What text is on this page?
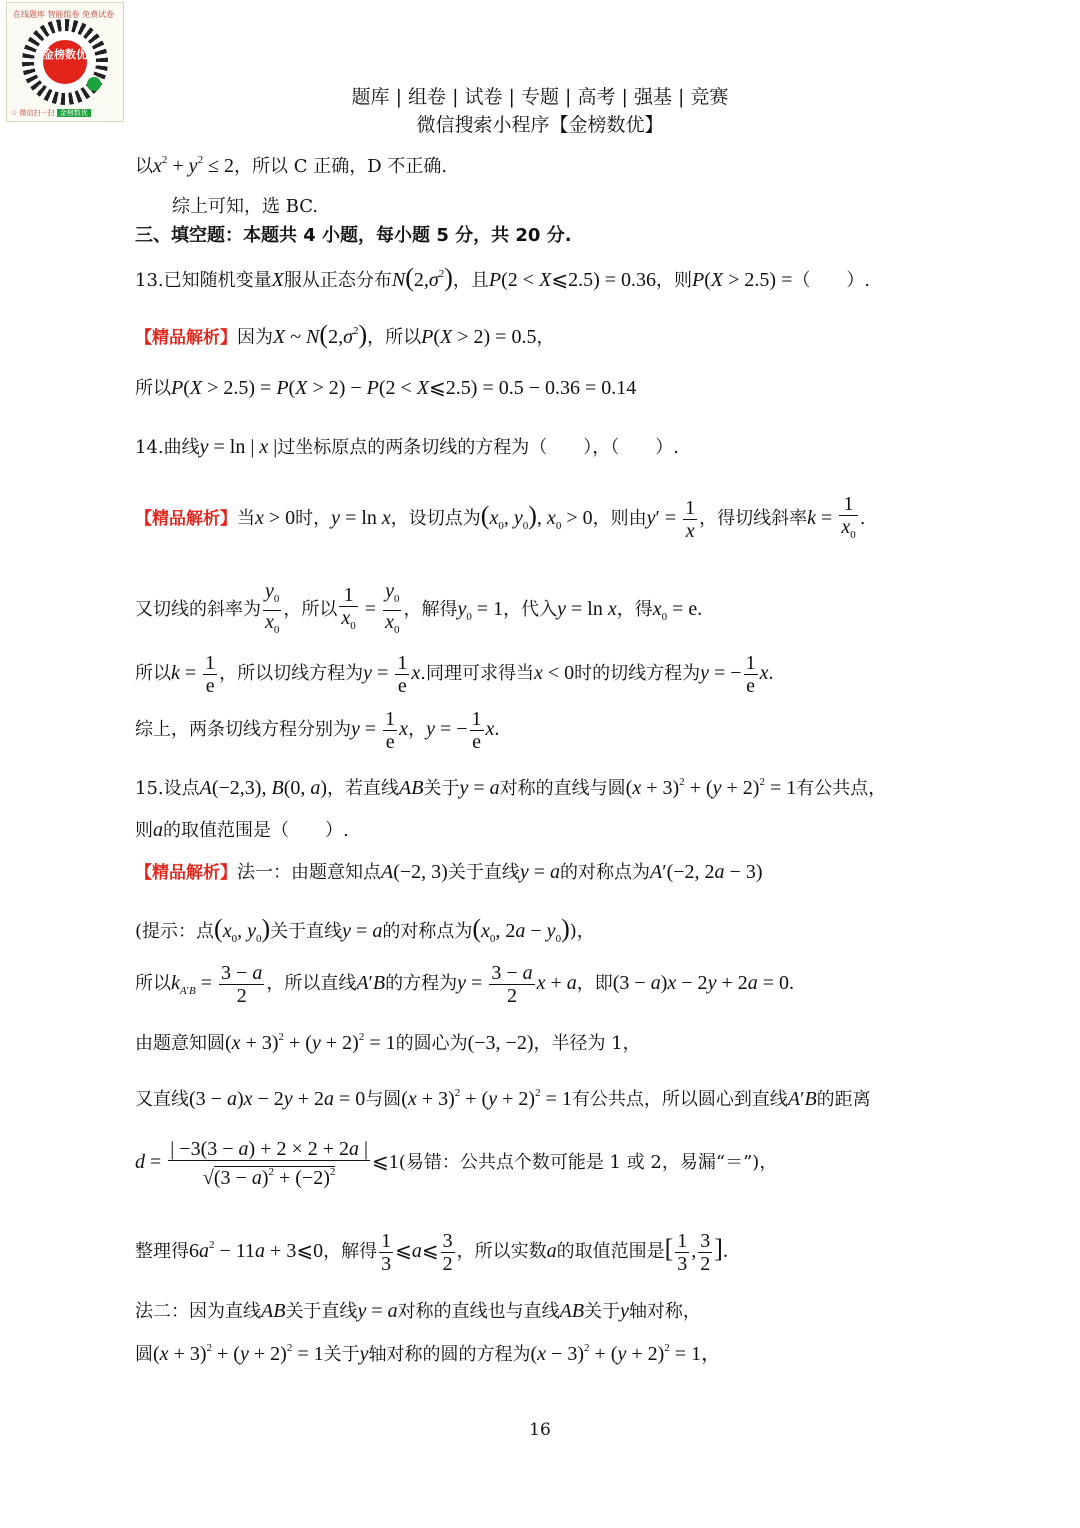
在线题库 智能组卷 免费试卷
金榜数优
☆ 微信扫一扫 金榜数优
题库 | 组卷 | 试卷 | 专题 | 高考 | 强基 | 竞赛
微信搜索小程序【金榜数优】
以$x^2 + y^2 \le 2$，所以 C 正确，D 不正确.
综上可知，选 BC.
三、填空题：本题共 4 小题，每小题 5 分，共 20 分.
13.已知随机变量X服从正态分布$N(2,\sigma^2)$，且P(2 < X⩽2.5) = 0.36，则P(X > 2.5) =（　　）.
【精品解析】因为X ~ $N(2,\sigma^2)$，所以P(X > 2) = 0.5，
所以P(X > 2.5) = P(X > 2) − P(2 < X⩽2.5) = 0.5 − 0.36 = 0.14
14.曲线y = ln | x |过坐标原点的两条切线的方程为（　　），（　　）.
【精品解析】当x > 0时，y = ln x，设切点为($x_0$, $y_0$), $x_0 > 0$，则由$y' = \frac{1}{x}$ ，得切线斜率$k = \frac{1}{x_0}$ .
又切线的斜率为 $\frac{y_0}{x_0}$ ，所以 $\frac{1}{x_0} = \frac{y_0}{x_0}$ ，解得$y_0 = 1$，代入y = ln x，得$x_0 = e$.
所以$k = \frac{1}{e}$ ，所以切线方程为$y = \frac{1}{e} x$.同理可求得当x < 0时的切线方程为y = − $\frac{1}{e} x$.
综上，两条切线方程分别为$y = \frac{1}{e}$ x，y = − $\frac{1}{e} x$.
15.设点A(−2,3), B(0, a)，若直线AB关于y = a对称的直线与圆$(x + 3)^2 + (y + 2)^2 = 1$有公共点，
则a的取值范围是（　　）.
【精品解析】法一：由题意知点A(−2, 3)关于直线y = a的对称点为A′(−2, 2a − 3)
(提示：点($x_0$, $y_0$)关于直线y = a的对称点为($x_0$, $2a - y_0$))，
所以$k_{A'B} = \frac{3 - a}{2}$ ，所以直线A′B的方程为$y = \frac{3 - a}{2}$ x + a，即(3 − a)x − 2y + 2a = 0.
由题意知圆$(x + 3)^2 + (y + 2)^2 = 1$的圆心为(−3, −2)，半径为 1，
又直线(3 − a)x − 2y + 2a = 0与圆$(x + 3)^2 + (y + 2)^2 = 1$有公共点，所以圆心到直线A′B的距离
$d = \frac{| -3(3 - a) + 2 \times 2 + 2a |}{√(3 - a)^2 + (-2)^2}$ ⩽1(易错：公共点个数可能是 1 或 2，易漏“＝”)，
整理得$6a^2 - 11a$ + 3⩽0，解得 $\frac{1}{3}$ ⩽a⩽ $\frac{3}{2}$ ，所以实数a的取值范围是[ $\frac{1}{3}$ , $\frac{3}{2}$ ].
法二：因为直线AB关于直线y = a对称的直线也与直线AB关于y轴对称，
圆$(x + 3)^2 + (y + 2)^2 = 1$关于y轴对称的圆的方程为$(x - 3)^2 + (y + 2)^2 = 1$，
16
